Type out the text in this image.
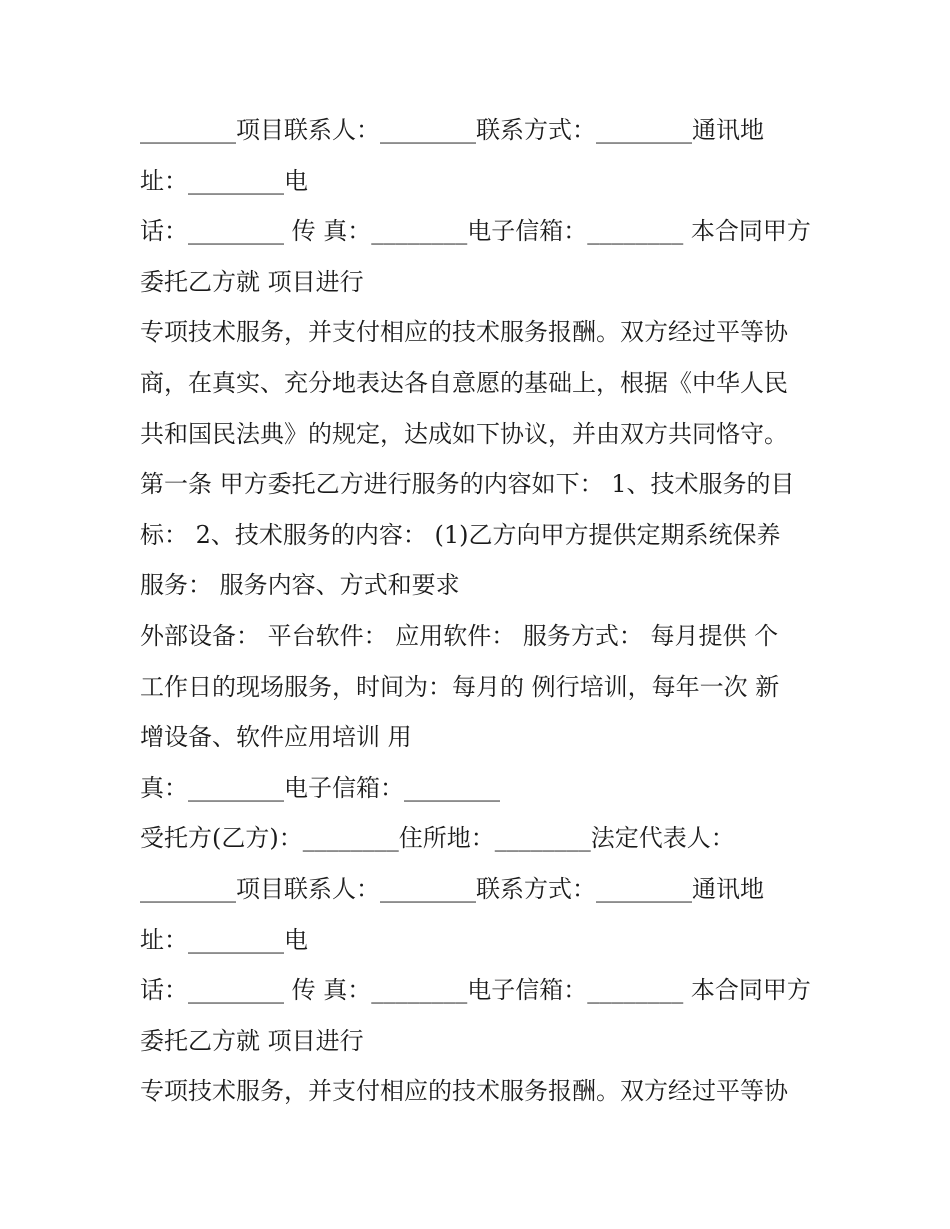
________项目联系人：________联系方式：________通讯地
址：________电
话：________ 传 真：________电子信箱：________ 本合同甲方
委托乙方就 项目进行
专项技术服务，并支付相应的技术服务报酬。双方经过平等协
商，在真实、充分地表达各自意愿的基础上，根据《中华人民
共和国民法典》的规定，达成如下协议，并由双方共同恪守。
第一条 甲方委托乙方进行服务的内容如下： 1、技术服务的目
标： 2、技术服务的内容： (1)乙方向甲方提供定期系统保养
服务： 服务内容、方式和要求
外部设备： 平台软件： 应用软件： 服务方式： 每月提供 个
工作日的现场服务，时间为：每月的 例行培训，每年一次 新
增设备、软件应用培训 用
真：________电子信箱：________
受托方(乙方)：________住所地：________法定代表人：
________项目联系人：________联系方式：________通讯地
址：________电
话：________ 传 真：________电子信箱：________ 本合同甲方
委托乙方就 项目进行
专项技术服务，并支付相应的技术服务报酬。双方经过平等协
